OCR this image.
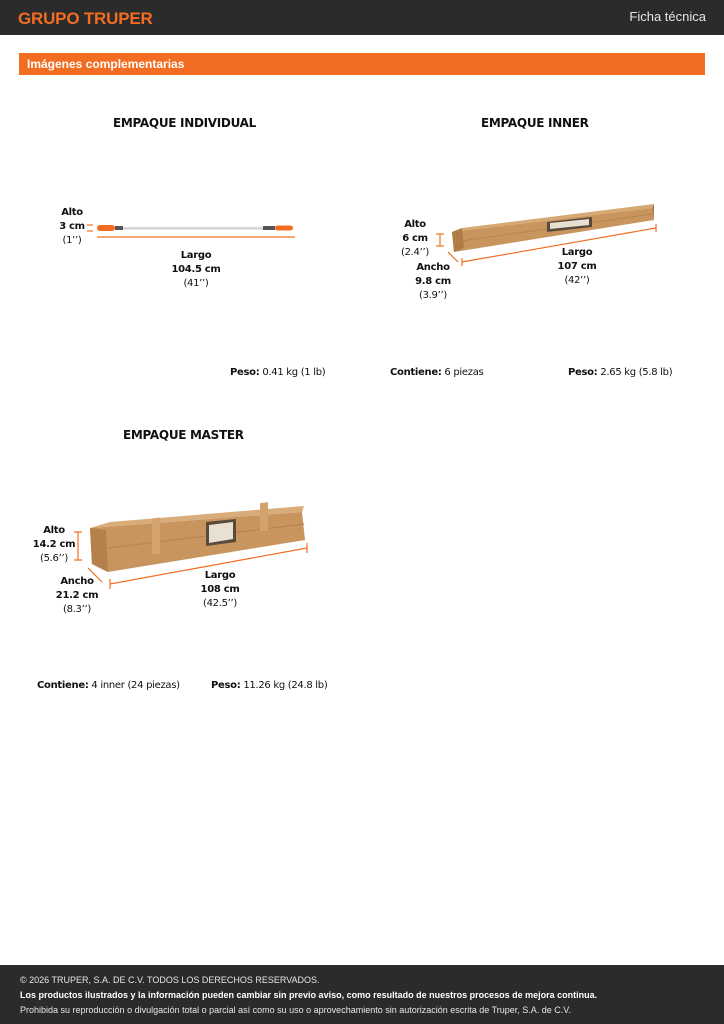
GRUPO TRUPER	Ficha técnica
Imágenes complementarias
EMPAQUE INDIVIDUAL
Alto
3 cm
(1’’)
Largo
104.5 cm
(41’’)
Peso: 0.41 kg (1 lb)
EMPAQUE INNER
Alto
6 cm
(2.4’’)
Ancho
9.8 cm
(3.9’’)
Largo
107 cm
(42’’)
Contiene: 6 piezas	Peso: 2.65 kg (5.8 lb)
EMPAQUE MASTER
Alto
14.2 cm
(5.6’’)
Ancho
21.2 cm
(8.3’’)
Largo
108 cm
(42.5’’)
Contiene: 4 inner (24 piezas)	Peso: 11.26 kg (24.8 lb)
© 2026 TRUPER, S.A. DE C.V. TODOS LOS DERECHOS RESERVADOS.
Los productos ilustrados y la información pueden cambiar sin previo aviso, como resultado de nuestros procesos de mejora continua.
Prohibida su reproducción o divulgación total o parcial así como su uso o aprovechamiento sin autorización escrita de Truper, S.A. de C.V.
